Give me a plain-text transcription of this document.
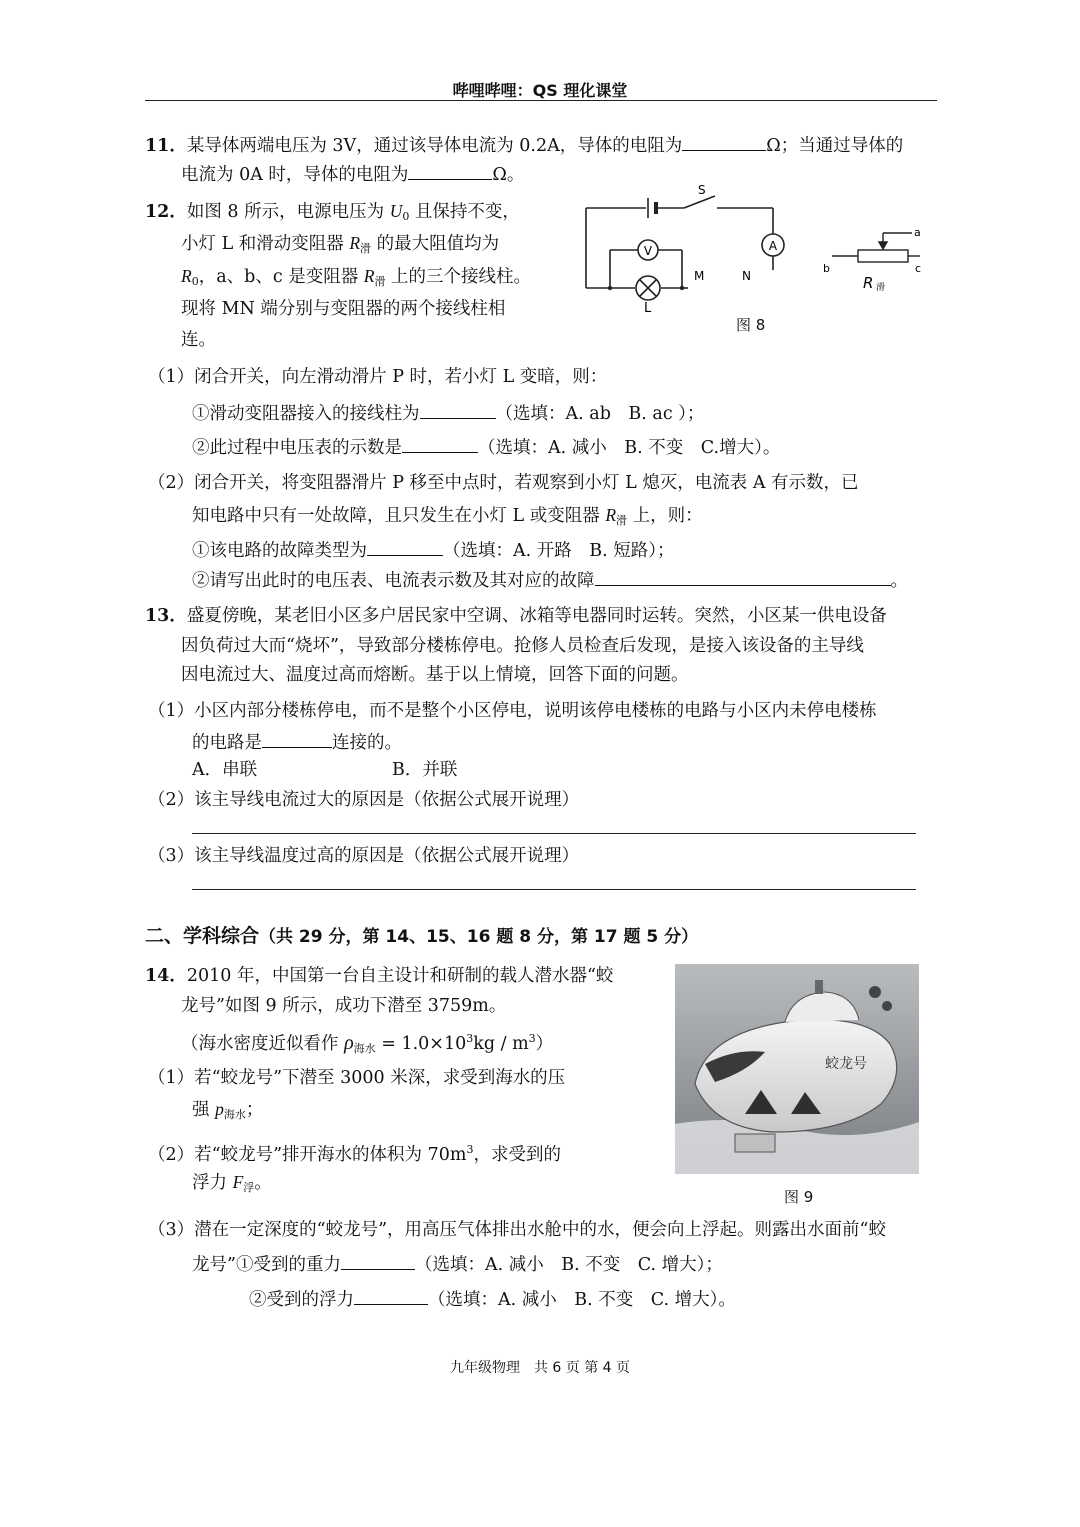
哔哩哔哩：QS 理化课堂
11．某导体两端电压为 3V，通过该导体电流为 0.2A，导体的电阻为	Ω；当通过导体的
电流为 0A 时，导体的电阻为	Ω。
12．如图 8 所示，电源电压为 $U_0$ 且保持不变，
小灯 L 和滑动变阻器 $R_滑$ 的最大阻值均为
$R_0$，a、b、c 是变阻器 $R_滑$ 上的三个接线柱。
现将 MN 端分别与变阻器的两个接线柱相
连。
V	A
S
L
M	N
a
b	c
R 滑
图 8
（1）闭合开关，向左滑动滑片 P 时，若小灯 L 变暗，则：
①滑动变阻器接入的接线柱为	（选填：A. ab　B. ac ）；
②此过程中电压表的示数是	（选填：A. 减小　B. 不变　C.增大）。
（2）闭合开关，将变阻器滑片 P 移至中点时，若观察到小灯 L 熄灭，电流表 A 有示数，已
知电路中只有一处故障，且只发生在小灯 L 或变阻器 $R_滑$ 上，则：
①该电路的故障类型为	（选填：A. 开路　B. 短路）；
②请写出此时的电压表、电流表示数及其对应的故障	。
13．盛夏傍晚，某老旧小区多户居民家中空调、冰箱等电器同时运转。突然，小区某一供电设备
因负荷过大而“烧坏”，导致部分楼栋停电。抢修人员检查后发现，是接入该设备的主导线
因电流过大、温度过高而熔断。基于以上情境，回答下面的问题。
（1）小区内部分楼栋停电，而不是整个小区停电，说明该停电楼栋的电路与小区内未停电楼栋
的电路是	连接的。
A．串联	B．并联
（2）该主导线电流过大的原因是（依据公式展开说理）
（3）该主导线温度过高的原因是（依据公式展开说理）
二、学科综合（共 29 分，第 14、15、16 题 8 分，第 17 题 5 分）
14．2010 年，中国第一台自主设计和研制的载人潜水器“蛟
龙号”如图 9 所示，成功下潜至 3759m。
（海水密度近似看作 $\rho_{海水} = 1.0\times 10^3kg / m^3$）
（1）若“蛟龙号”下潜至 3000 米深，求受到海水的压
强 $p_{海水}$；
（2）若“蛟龙号”排开海水的体积为 $70m^3$，求受到的
浮力 $F_浮$。
蛟龙号
图 9
（3）潜在一定深度的“蛟龙号”，用高压气体排出水舱中的水，便会向上浮起。则露出水面前“蛟
龙号”①受到的重力	（选填：A. 减小　B. 不变　C. 增大）；
②受到的浮力	（选填：A. 减小　B. 不变　C. 增大）。
九年级物理　共 6 页 第 4 页
